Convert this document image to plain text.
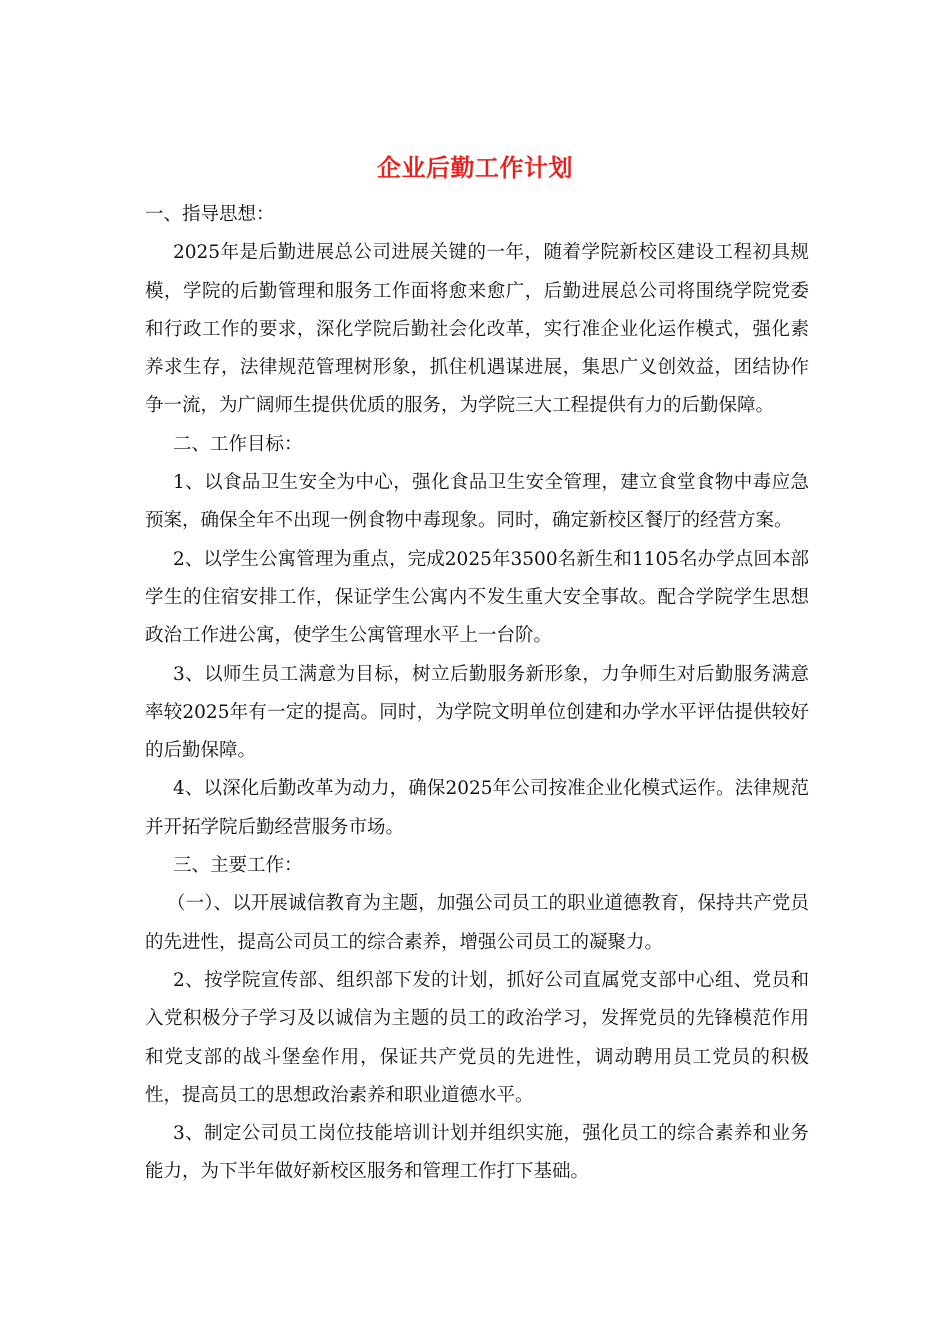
企业后勤工作计划

一、指导思想：

2025年是后勤进展总公司进展关键的一年，随着学院新校区建设工程初具规模，学院的后勤管理和服务工作面将愈来愈广，后勤进展总公司将围绕学院党委和行政工作的要求，深化学院后勤社会化改革，实行准企业化运作模式，强化素养求生存，法律规范管理树形象，抓住机遇谋进展，集思广义创效益，团结协作争一流，为广阔师生提供优质的服务，为学院三大工程提供有力的后勤保障。

二、工作目标：

1、以食品卫生安全为中心，强化食品卫生安全管理，建立食堂食物中毒应急预案，确保全年不出现一例食物中毒现象。同时，确定新校区餐厅的经营方案。

2、以学生公寓管理为重点，完成2025年3500名新生和1105名办学点回本部学生的住宿安排工作，保证学生公寓内不发生重大安全事故。配合学院学生思想政治工作进公寓，使学生公寓管理水平上一台阶。

3、以师生员工满意为目标，树立后勤服务新形象，力争师生对后勤服务满意率较2025年有一定的提高。同时，为学院文明单位创建和办学水平评估提供较好的后勤保障。

4、以深化后勤改革为动力，确保2025年公司按准企业化模式运作。法律规范并开拓学院后勤经营服务市场。

三、主要工作：

（一）、以开展诚信教育为主题，加强公司员工的职业道德教育，保持共产党员的先进性，提高公司员工的综合素养，增强公司员工的凝聚力。

2、按学院宣传部、组织部下发的计划，抓好公司直属党支部中心组、党员和入党积极分子学习及以诚信为主题的员工的政治学习，发挥党员的先锋模范作用和党支部的战斗堡垒作用，保证共产党员的先进性，调动聘用员工党员的积极性，提高员工的思想政治素养和职业道德水平。

3、制定公司员工岗位技能培训计划并组织实施，强化员工的综合素养和业务能力，为下半年做好新校区服务和管理工作打下基础。
